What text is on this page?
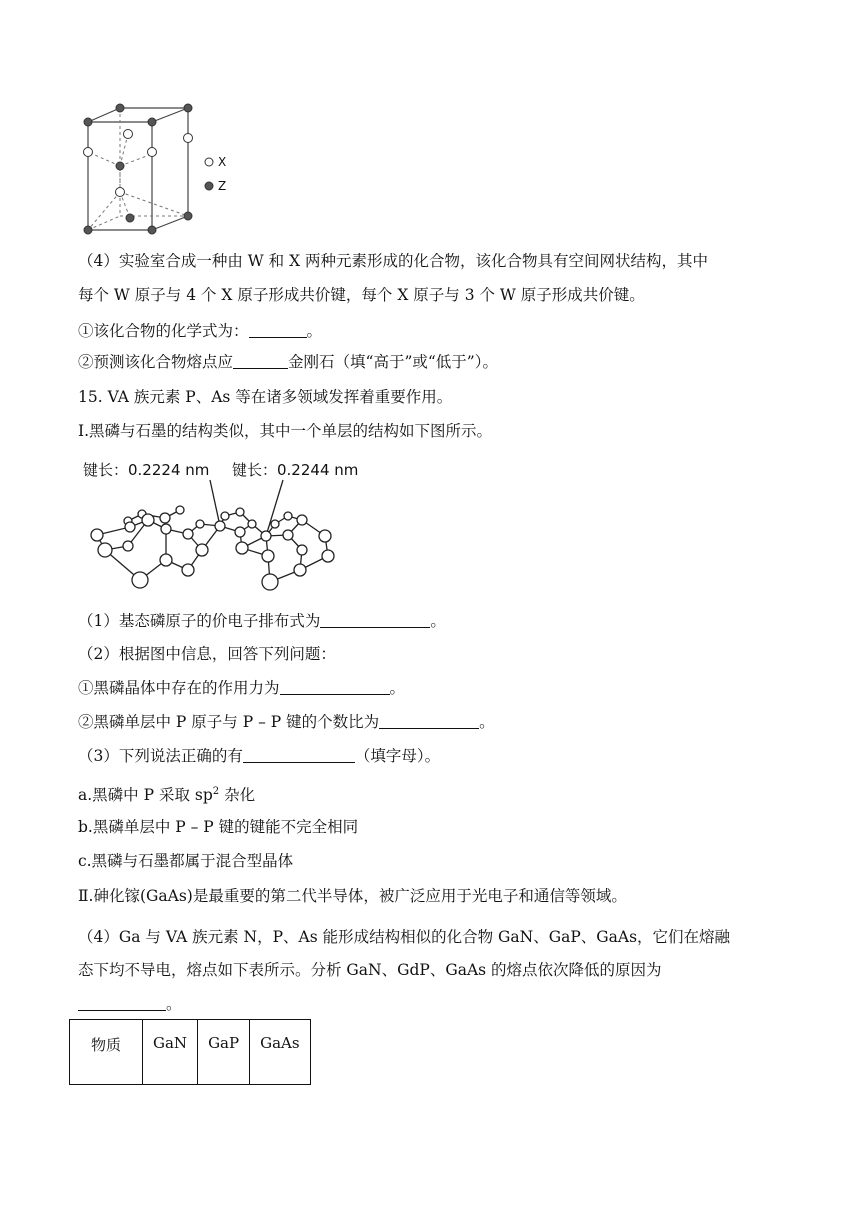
X
Z
（4）实验室合成一种由 W 和 X 两种元素形成的化合物，该化合物具有空间网状结构，其中
每个 W 原子与 4 个 X 原子形成共价键，每个 X 原子与 3 个 W 原子形成共价键。
①该化合物的化学式为：	。
②预测该化合物熔点应	金刚石（填“高于”或“低于”）。
15. VA 族元素 P、As 等在诸多领域发挥着重要作用。
Ⅰ.黑磷与石墨的结构类似，其中一个单层的结构如下图所示。
键长：0.2224 nm 键长：0.2244 nm
（1）基态磷原子的价电子排布式为	。
（2）根据图中信息，回答下列问题：
①黑磷晶体中存在的作用力为	。
②黑磷单层中 P 原子与 P – P 键的个数比为	。
（3）下列说法正确的有	（填字母）。
a.黑磷中 P 采取 $sp^2$ 杂化
b.黑磷单层中 P – P 键的键能不完全相同
c.黑磷与石墨都属于混合型晶体
Ⅱ.砷化镓(GaAs)是最重要的第二代半导体，被广泛应用于光电子和通信等领域。
（4）Ga 与 VA 族元素 N，P、As 能形成结构相似的化合物 GaN、GaP、GaAs，它们在熔融
态下均不导电，熔点如下表所示。分析 GaN、GdP、GaAs 的熔点依次降低的原因为
。
物质	GaN	GaP	GaAs
